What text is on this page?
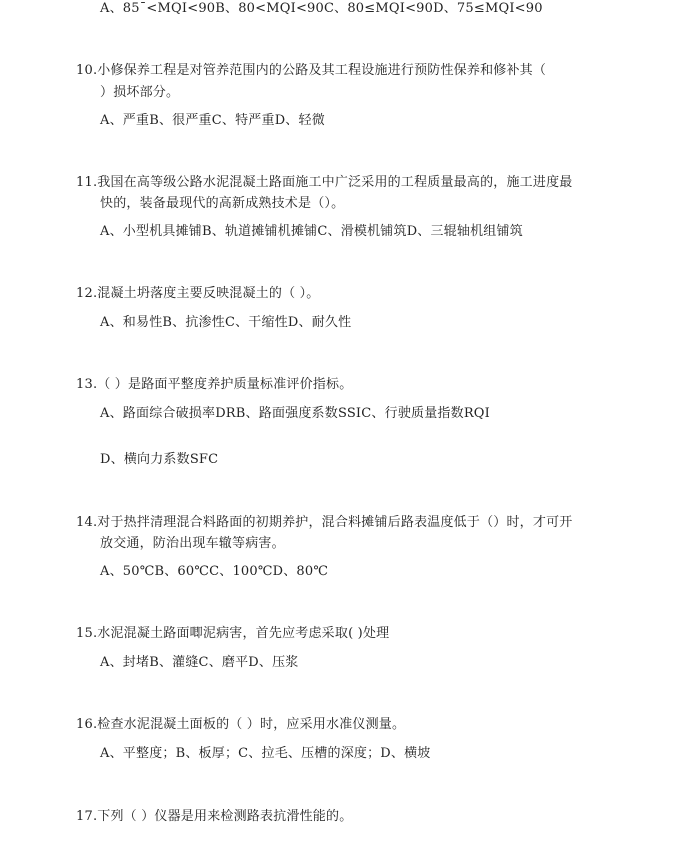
A、85¯<MQI<90B、80<MQI<90C、80≤MQI<90D、75≤MQI<90
10.小修保养工程是对管养范围内的公路及其工程设施进行预防性保养和修补其（
）损坏部分。
A、严重B、很严重C、特严重D、轻微
11.我国在高等级公路水泥混凝土路面施工中广泛采用的工程质量最高的，施工进度最
快的，装备最现代的高新成熟技术是（）。
A、小型机具摊铺B、轨道摊铺机摊铺C、滑模机铺筑D、三辊轴机组铺筑
12.混凝土坍落度主要反映混凝土的（ ）。
A、和易性B、抗渗性C、干缩性D、耐久性
13.（ ）是路面平整度养护质量标准评价指标。
A、路面综合破损率DRB、路面强度系数SSIC、行驶质量指数RQI
D、横向力系数SFC
14.对于热拌清理混合料路面的初期养护，混合料摊铺后路表温度低于（）时，才可开
放交通，防治出现车辙等病害。
A、50℃B、60℃C、100℃D、80℃
15.水泥混凝土路面唧泥病害，首先应考虑采取( )处理
A、封堵B、灌缝C、磨平D、压浆
16.检查水泥混凝土面板的（ ）时，应采用水准仪测量。
A、平整度；B、板厚；C、拉毛、压槽的深度；D、横坡
17.下列（ ）仪器是用来检测路表抗滑性能的。
